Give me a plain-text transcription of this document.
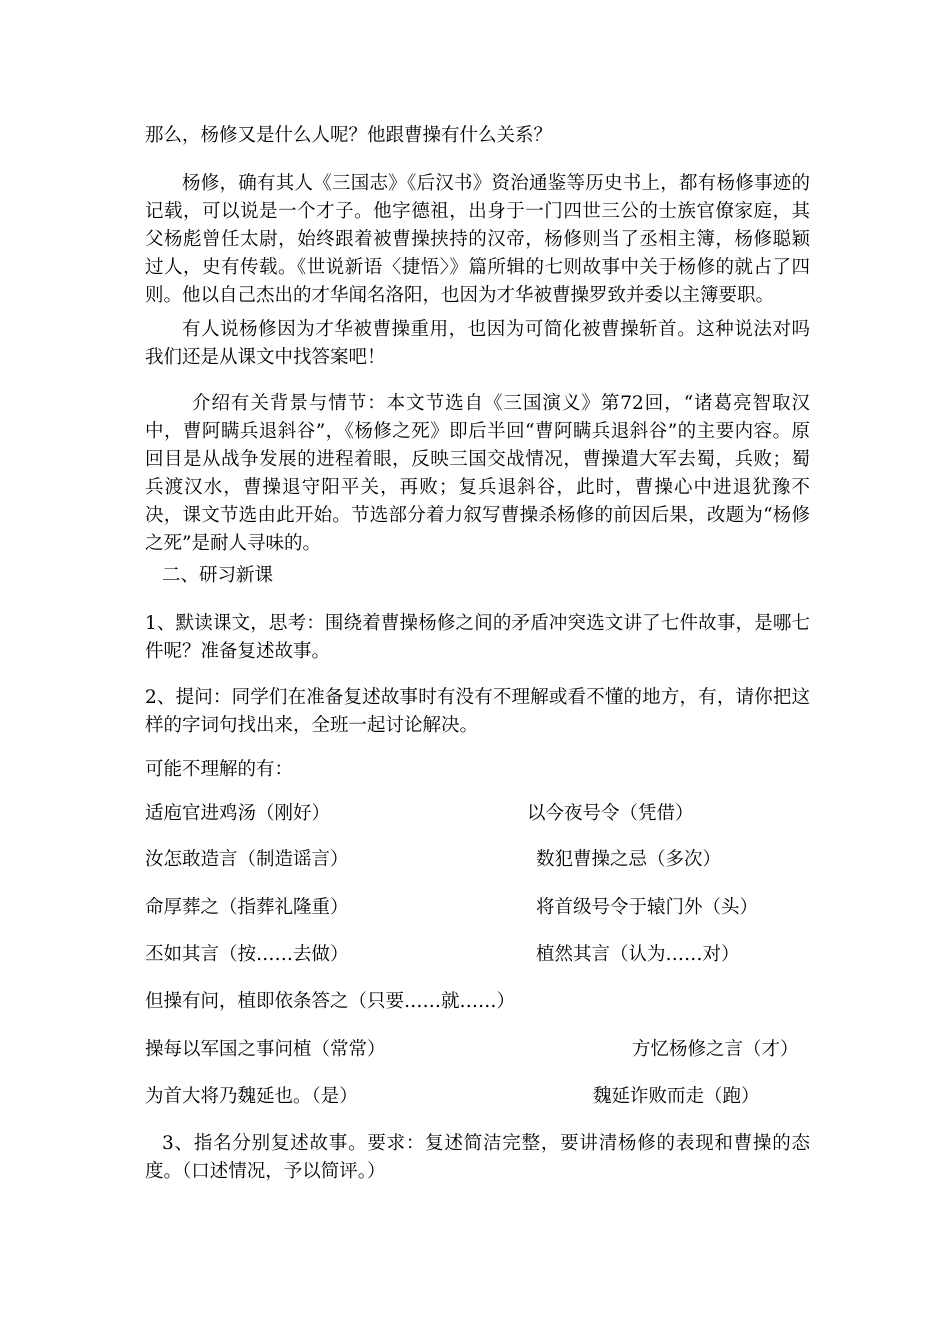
那么，杨修又是什么人呢？他跟曹操有什么关系？
杨修，确有其人《三国志》《后汉书》资治通鉴等历史书上，都有杨修事迹的记载，可以说是一个才子。他字德祖，出身于一门四世三公的士族官僚家庭，其父杨彪曾任太尉，始终跟着被曹操挟持的汉帝，杨修则当了丞相主簿，杨修聪颖过人，史有传载。《世说新语〈捷悟〉》篇所辑的七则故事中关于杨修的就占了四则。他以自己杰出的才华闻名洛阳，也因为才华被曹操罗致并委以主簿要职。
有人说杨修因为才华被曹操重用，也因为可简化被曹操斩首。这种说法对吗我们还是从课文中找答案吧！
介绍有关背景与情节：本文节选自《三国演义》第72回，“诸葛亮智取汉中，曹阿瞒兵退斜谷”，《杨修之死》即后半回“曹阿瞒兵退斜谷”的主要内容。原回目是从战争发展的进程着眼，反映三国交战情况，曹操遣大军去蜀，兵败；蜀兵渡汉水，曹操退守阳平关，再败；复兵退斜谷，此时，曹操心中进退犹豫不决，课文节选由此开始。节选部分着力叙写曹操杀杨修的前因后果，改题为“杨修之死”是耐人寻味的。
二、研习新课
1、默读课文，思考：围绕着曹操杨修之间的矛盾冲突选文讲了七件故事，是哪七件呢？准备复述故事。
2、提问：同学们在准备复述故事时有没有不理解或看不懂的地方，有，请你把这样的字词句找出来，全班一起讨论解决。
可能不理解的有：
适庖官进鸡汤（刚好）	以今夜号令（凭借）
汝怎敢造言（制造谣言）	数犯曹操之忌（多次）
命厚葬之（指葬礼隆重）	将首级号令于辕门外（头）
丕如其言（按……去做）	植然其言（认为……对）
但操有问，植即依条答之（只要……就……）
操每以军国之事问植（常常）	方忆杨修之言（才）
为首大将乃魏延也。（是）	魏延诈败而走（跑）
3、指名分别复述故事。要求：复述简洁完整，要讲清杨修的表现和曹操的态度。（口述情况，予以简评。）
